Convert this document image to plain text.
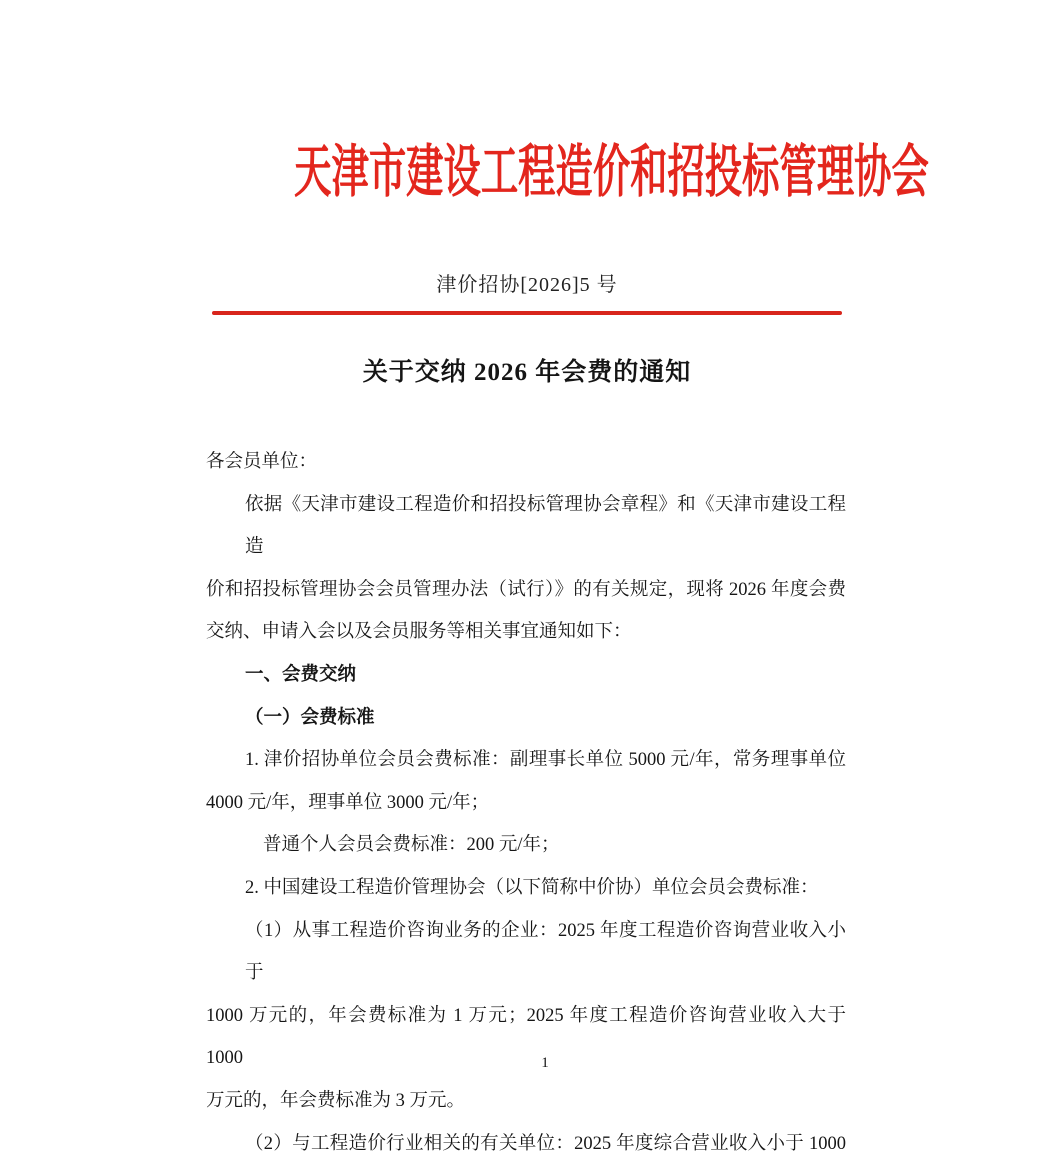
天津市建设工程造价和招投标管理协会
津价招协[2026]5 号
关于交纳 2026 年会费的通知
各会员单位：
依据《天津市建设工程造价和招投标管理协会章程》和《天津市建设工程造
价和招投标管理协会会员管理办法（试行）》的有关规定，现将 2026 年度会费
交纳、申请入会以及会员服务等相关事宜通知如下：
一、会费交纳
（一）会费标准
1. 津价招协单位会员会费标准：副理事长单位 5000 元/年，常务理事单位
4000 元/年，理事单位 3000 元/年；
普通个人会员会费标准：200 元/年；
2. 中国建设工程造价管理协会（以下简称中价协）单位会员会费标准：
（1）从事工程造价咨询业务的企业：2025 年度工程造价咨询营业收入小于
1000 万元的，年会费标准为 1 万元；2025 年度工程造价咨询营业收入大于 1000
万元的，年会费标准为 3 万元。
（2）与工程造价行业相关的有关单位：2025 年度综合营业收入小于 1000
1
